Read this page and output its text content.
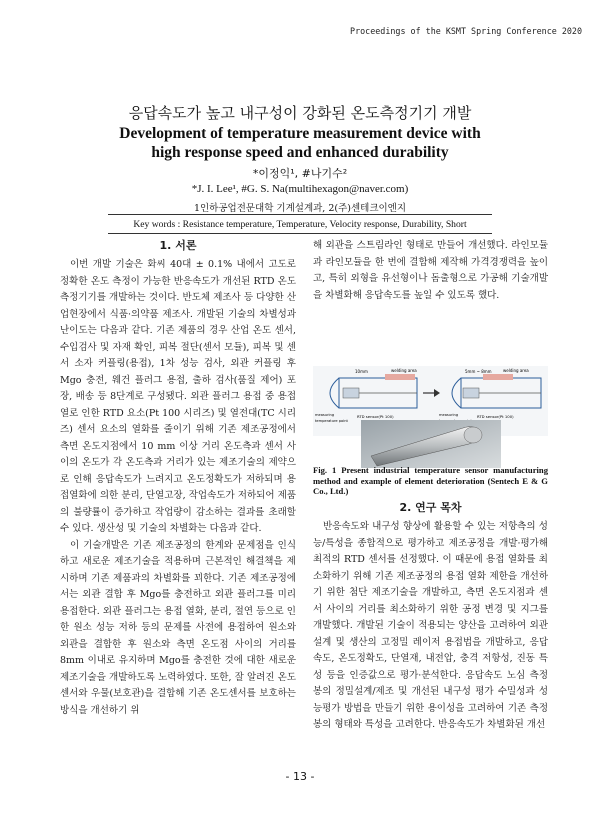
Proceedings of the KSMT Spring Conference 2020
응답속도가 높고 내구성이 강화된 온도측정기기 개발
Development of temperature measurement device with
high response speed and enhanced durability
*이정익¹, #나기수²
*J. I. Lee¹, #G. S. Na(multihexagon@naver.com)
1인하공업전문대학 기계설계과, 2(주)센테크이엔지
Key words : Resistance temperature, Temperature, Velocity response, Durability, Short
1. 서론

이번 개발 기술은 화씨 40대 ± 0.1% 내에서 고도로 정확한 온도 측정이 가능한 반응속도가 개선된 RTD 온도측정기기를 개발하는 것이다. 반도체 제조사 등 다양한 산업현장에서 식품·의약품 제조사. 개발된 기술의 차별성과 난이도는 다음과 같다. 기존 제품의 경우 산업 온도 센서, 수입검사 및 자재 확인, 피복 절단(센서 모듈), 피복 및 센서 소자 커플링(용접), 1차 성능 검사, 외관 커플링 후 Mgo 충전, 웨건 플러그 용접, 출하 검사(품질 제어) 포장, 배송 등 8단계로 구성됐다. 외관 플러그 용접 중 용접 열로 인한 RTD 요소(Pt 100 시리즈) 및 열전대(TC 시리즈) 센서 요소의 열화를 줄이기 위해 기존 제조공정에서 측면 온도지점에서 10 mm 이상 거리 온도측과 센서 사이의 온도가 각 온도측과 거리가 있는 제조기술의 제약으로 인해 응답속도가 느려지고 온도정확도가 저하되며 용접열화에 의한 분리, 단열고장, 작업속도가 저하되어 제품의 불량률이 증가하고 작업량이 감소하는 결과를 초래할 수 있다. 생산성 및 기술의 차별화는 다음과 같다.

이 기술개발은 기존 제조공정의 한계와 문제점을 인식하고 새로운 제조기술을 적용하며 근본적인 해결책을 제시하며 기존 제품과의 차별화를 꾀한다. 기존 제조공정에서는 외관 결합 후 Mgo를 충전하고 외관 플러그를 미리 용접한다. 외관 플러그는 용접 열화, 분리, 절연 등으로 인한 원소 성능 저하 등의 문제를 사전에 용접하여 원소와 외관을 결합한 후 원소와 측면 온도점 사이의 거리를 8mm 이내로 유지하며 Mgo를 충전한 것에 대한 새로운 제조기술을 개발하도록 노력하였다. 또한, 잘 알려진 온도센서와 우물(보호관)을 결합해 기존 온도센서를 보호하는 방식을 개선하기 위

해 외관을 스트림라인 형태로 만들어 개선했다. 라인모듈과 라인모듈을 한 번에 결합해 제작해 가격경쟁력을 높이고, 특히 외형을 유선형이나 돔출형으로 가공해 기술개발을 차별화해 응답속도를 높일 수 있도록 했다.

10mm	welding area
RTD sensor(Pt 100)
measuring
temperature point
5mm ~ 8mm	welding area
RTD sensor(Pt 100)
measuring
Fig. 1 Present industrial temperature sensor manufacturing method and example of element deterioration (Sentech E & G Co., Ltd.)
2. 연구 목차

반응속도와 내구성 향상에 활용할 수 있는 저항측의 성능/특성을 종합적으로 평가하고 제조공정을 개발·평가해 최적의 RTD 센서를 선정했다. 이 때문에 용접 열화를 최소화하기 위해 기존 제조공정의 용접 열화 제한을 개선하기 위한 첨단 제조기술을 개발하고, 측면 온도지점과 센서 사이의 거리를 최소화하기 위한 공정 변경 및 지그를 개발했다. 개발된 기술이 적용되는 양산을 고려하여 외관 설계 및 생산의 고정밀 레이저 용접법을 개발하고, 응답속도, 온도정확도, 단열재, 내전압, 충격 저항성, 진동 특성 등을 인증값으로 평가·분석한다. 응답속도 노심 측정봉의 정밀설계/제조 및 개선된 내구성 평가 수밀성과 성능평가 방법을 만들기 위한 용이성을 고려하여 기존 측정봉의 형태와 특성을 고려한다. 반응속도가 차별화된 개선

- 13 -
